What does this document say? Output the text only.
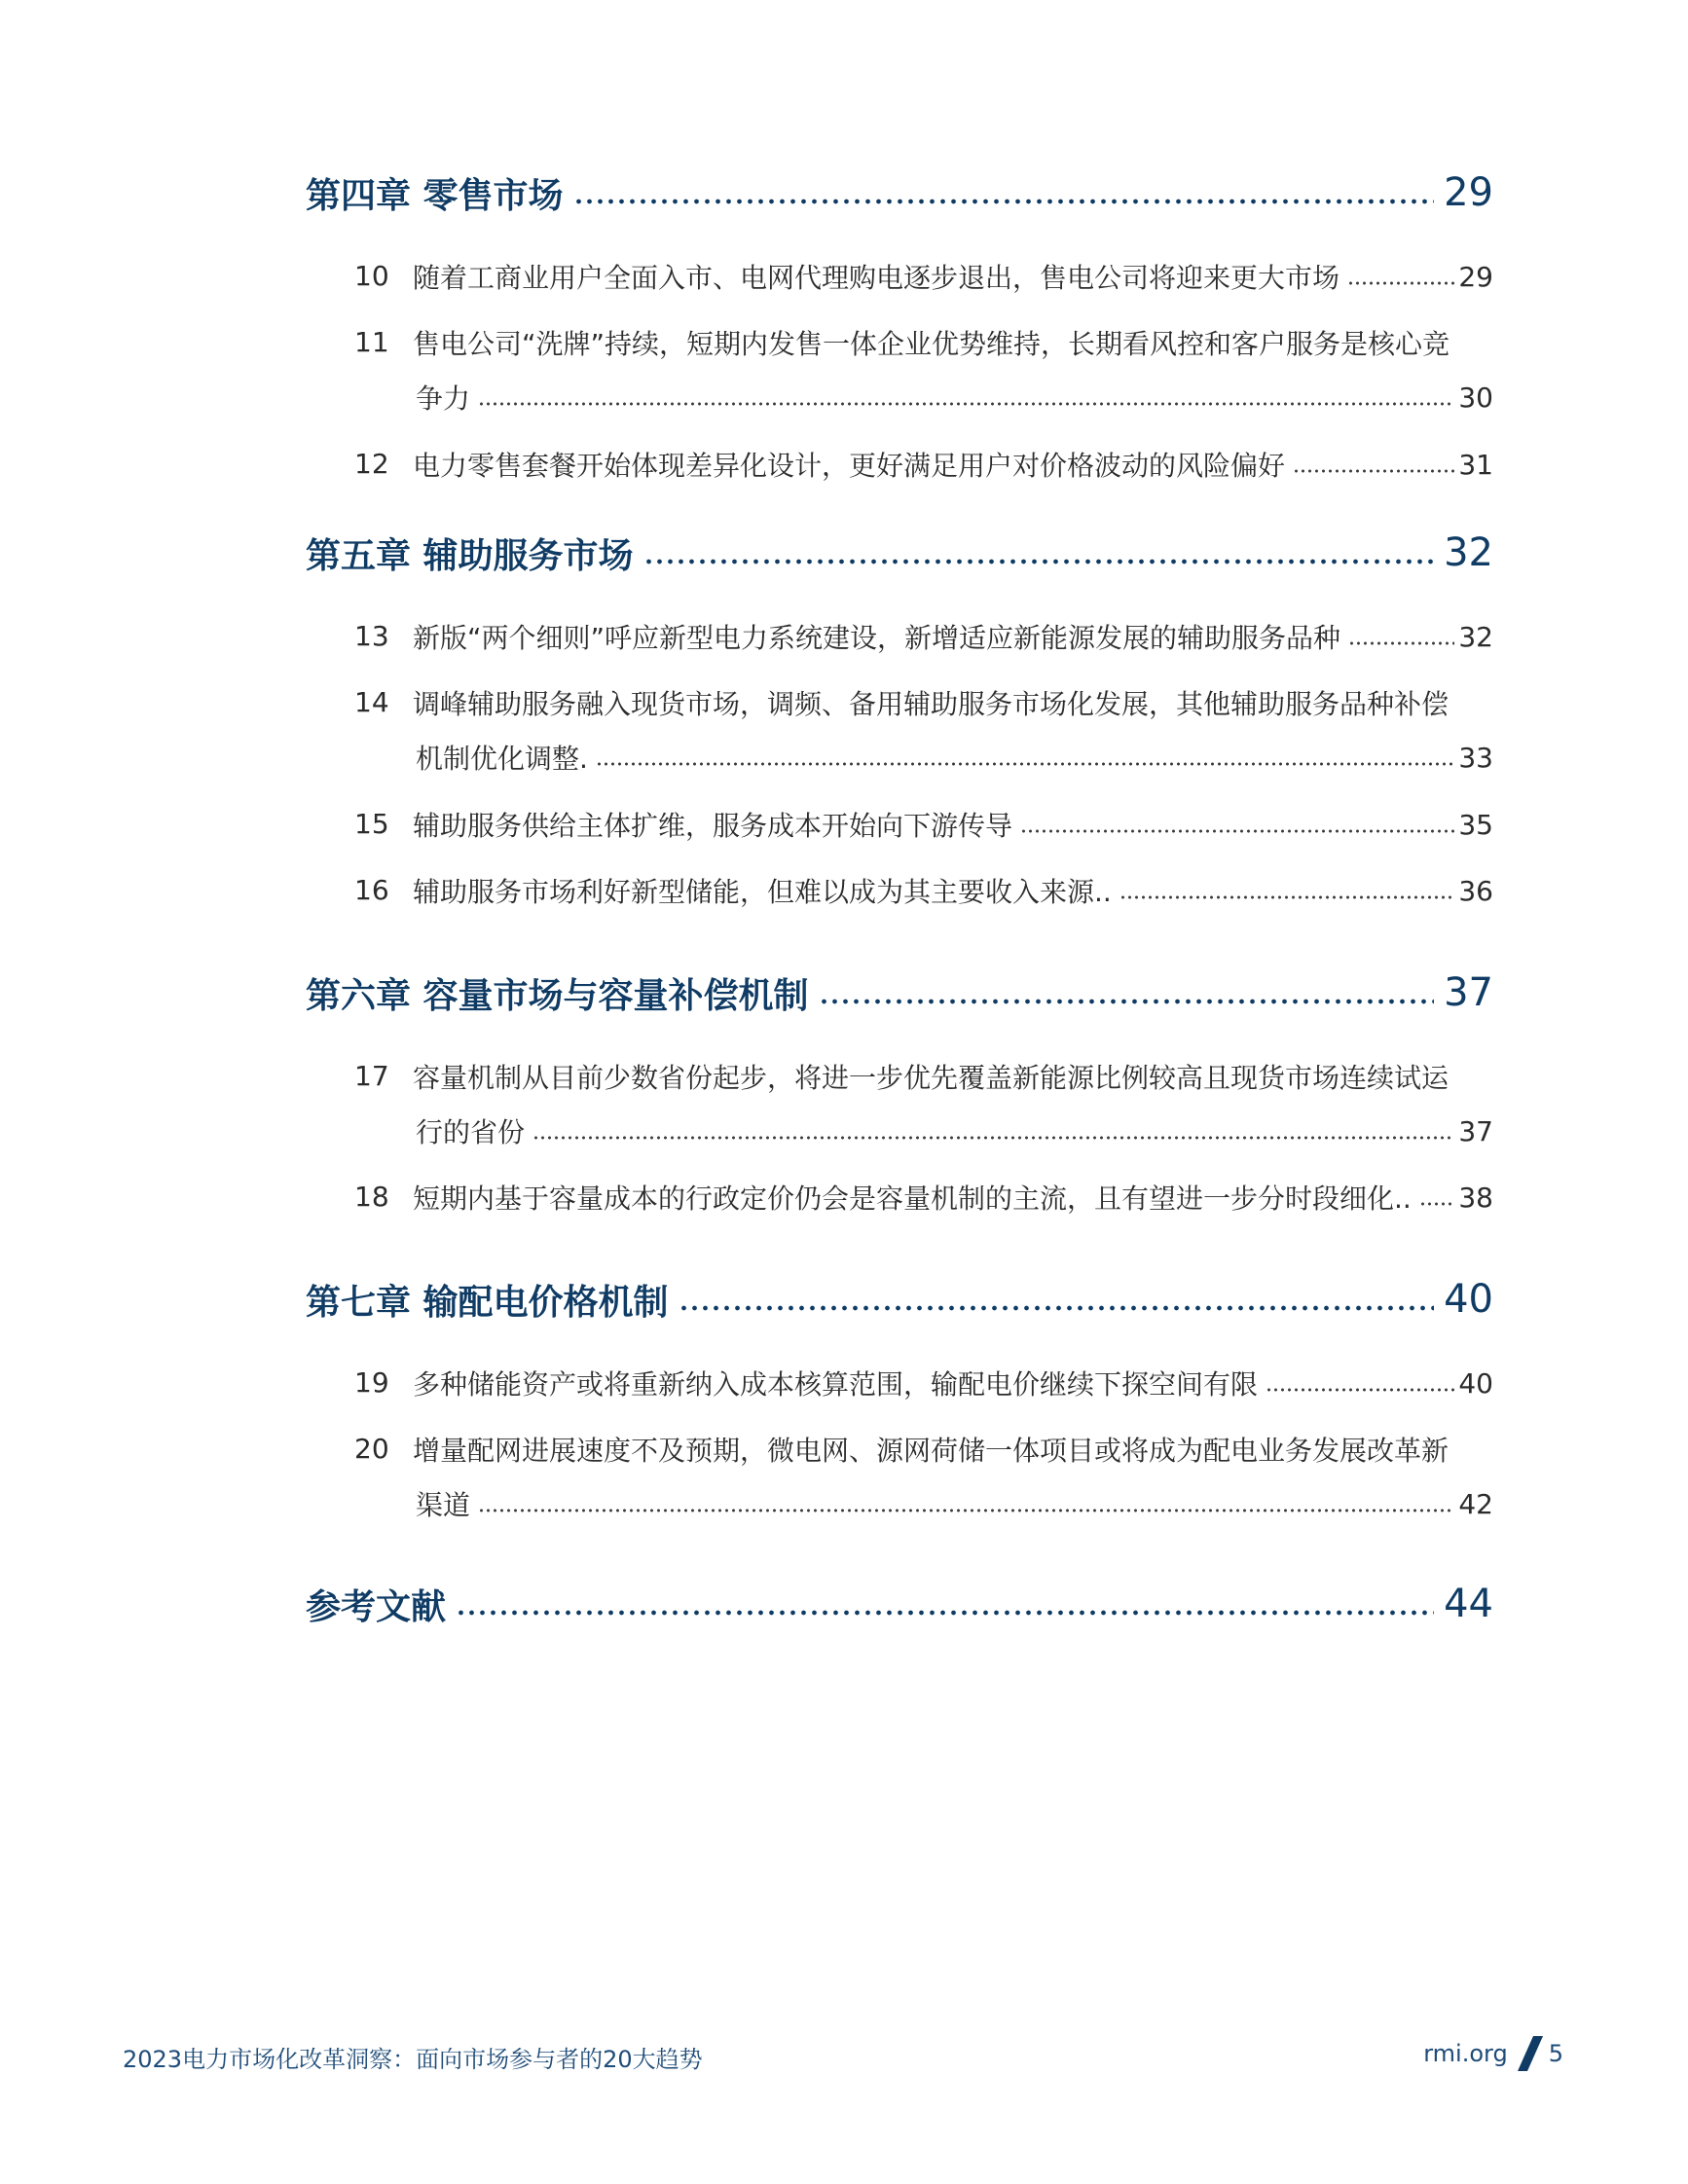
第四章 零售市场	29
10 随着工商业用户全面入市、电网代理购电逐步退出，售电公司将迎来更大市场	29
11 售电公司“洗牌”持续，短期内发售一体企业优势维持，长期看风控和客户服务是核心竞
争力	30
12 电力零售套餐开始体现差异化设计，更好满足用户对价格波动的风险偏好	31
第五章 辅助服务市场	32
13 新版“两个细则”呼应新型电力系统建设，新增适应新能源发展的辅助服务品种	32
14 调峰辅助服务融入现货市场，调频、备用辅助服务市场化发展，其他辅助服务品种补偿
机制优化调整.	33
15 辅助服务供给主体扩维，服务成本开始向下游传导	35
16 辅助服务市场利好新型储能，但难以成为其主要收入来源..	36
第六章 容量市场与容量补偿机制	37
17 容量机制从目前少数省份起步，将进一步优先覆盖新能源比例较高且现货市场连续试运
行的省份	37
18 短期内基于容量成本的行政定价仍会是容量机制的主流，且有望进一步分时段细化.. 38
第七章 输配电价格机制	40
19 多种储能资产或将重新纳入成本核算范围，输配电价继续下探空间有限	40
20 增量配网进展速度不及预期，微电网、源网荷储一体项目或将成为配电业务发展改革新
渠道	42
参考文献	44
2023电力市场化改革洞察：面向市场参与者的20大趋势	rmi.org 5
